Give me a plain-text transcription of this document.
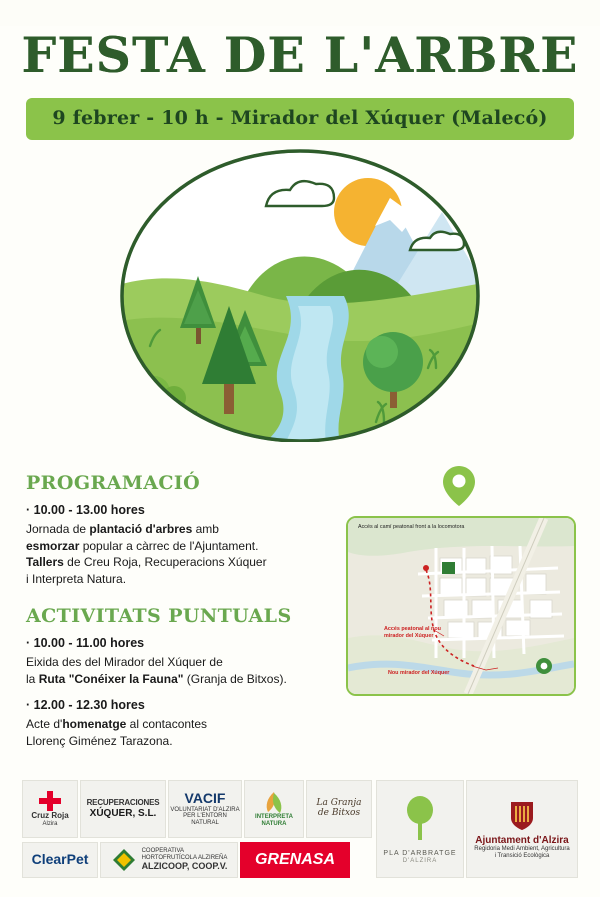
FESTA DE L'ARBRE
9 febrer - 10 h - Mirador del Xúquer (Malecó)
PROGRAMACIÓ
· 10.00 - 13.00 hores
Jornada de plantació d'arbres amb
esmorzar popular a càrrec de l'Ajuntament.
Tallers de Creu Roja, Recuperacions Xúquer
i Interpreta Natura.
ACTIVITATS PUNTUALS
· 10.00 - 11.00 hores
Eixida des del Mirador del Xúquer de
la Ruta "Conéixer la Fauna" (Granja de Bitxos).
· 12.00 - 12.30 hores
Acte d'homenatge al contacontes
Llorenç Giménez Tarazona.
Accés al camí peatonal front a la locomotora
Accés peatonal al nou
mirador del Xúquer
Nou mirador del Xúquer
Cruz Roja
Alzira
RECUPERACIONES
XÚQUER, S.L.
VACIF
VOLUNTARIAT D'ALZIRA
PER L'ENTORN NATURAL
INTERPRETA NATURA
La Granja
de Bitxos
PLA D'ARBRATGE
D'ALZIRA
Ajuntament d'Alzira
Regidoria Medi Ambient, Agricultura
i Transició Ecològica
ClearPet	COOPERATIVA
HORTOFRUTÍCOLA ALZIREÑA
ALZICOOP, COOP.V. GRENASA
